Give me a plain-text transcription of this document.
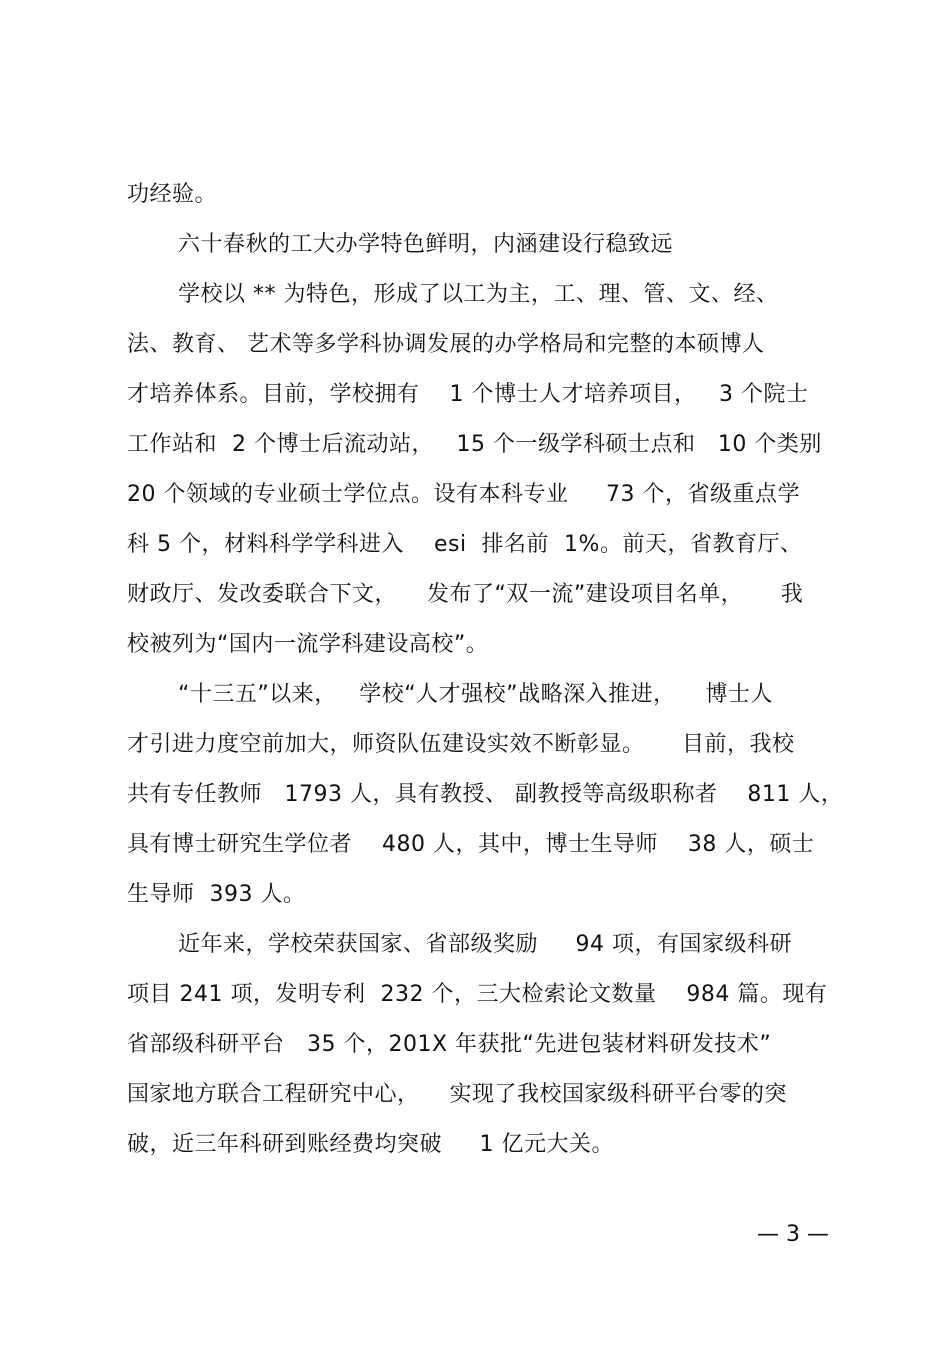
功经验。
六十春秋的工大办学特色鲜明，内涵建设行稳致远
学校以 ** 为特色，形成了以工为主，工、理、管、文、经、
法、教育、 艺术等多学科协调发展的办学格局和完整的本硕博人
才培养体系。目前，学校拥有    1 个博士人才培养项目，   3 个院士
工作站和  2 个博士后流动站，   15 个一级学科硕士点和   10 个类别
20 个领域的专业硕士学位点。设有本科专业     73 个，省级重点学
科 5 个，材料科学学科进入    esi  排名前  1%。前天，省教育厅、
财政厅、发改委联合下文，    发布了“双一流”建设项目名单，     我
校被列为“国内一流学科建设高校”。
“十三五”以来，   学校“人才强校”战略深入推进，    博士人
才引进力度空前加大，师资队伍建设实效不断彰显。     目前，我校
共有专任教师   1793 人，具有教授、 副教授等高级职称者    811 人，
具有博士研究生学位者    480 人，其中，博士生导师    38 人，硕士
生导师  393 人。
近年来，学校荣获国家、省部级奖励     94 项，有国家级科研
项目 241 项，发明专利  232 个，三大检索论文数量    984 篇。现有
省部级科研平台   35 个，201X 年获批“先进包装材料研发技术”
国家地方联合工程研究中心，    实现了我校国家级科研平台零的突
破，近三年科研到账经费均突破     1 亿元大关。
— 3 —
